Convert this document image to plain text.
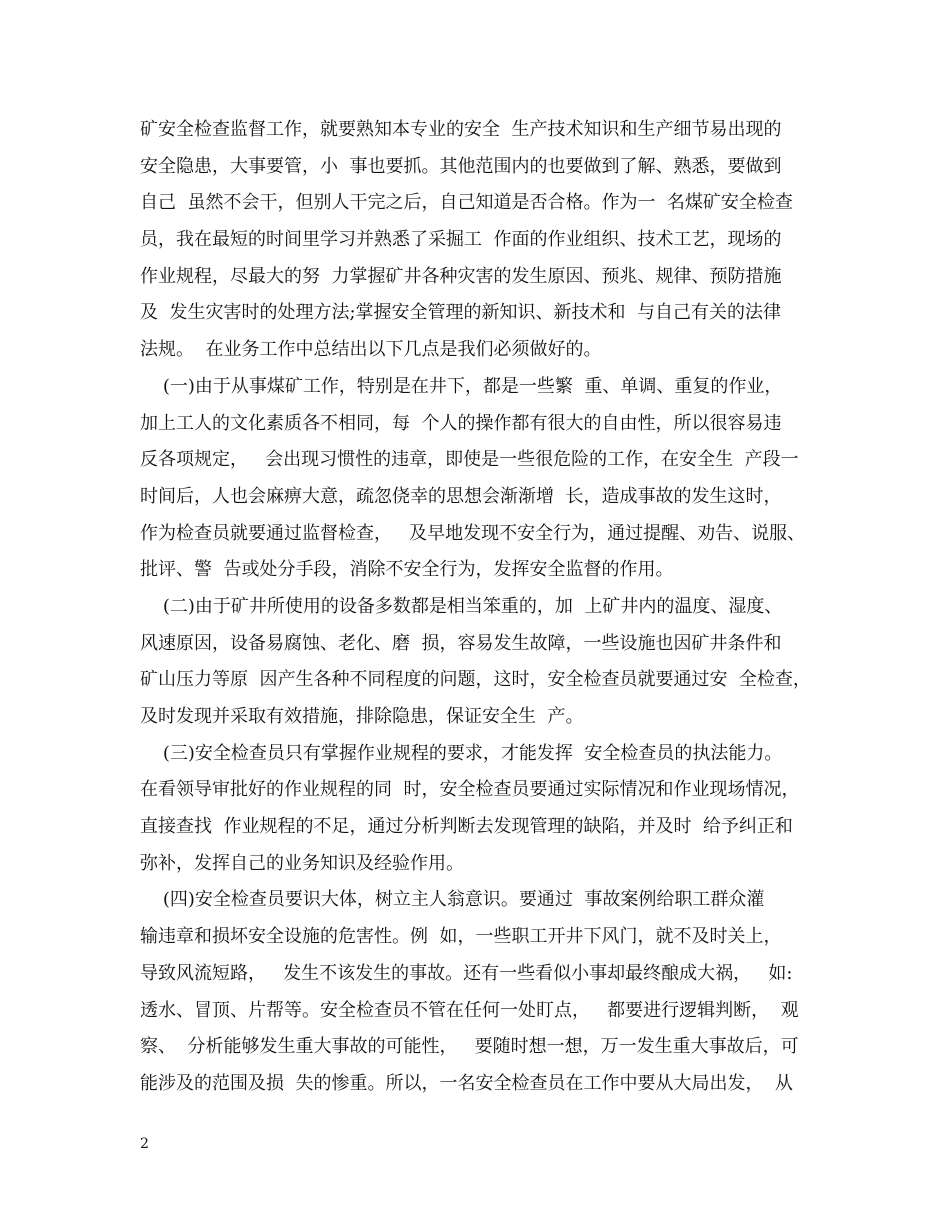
矿安全检查监督工作，就要熟知本专业的安全  生产技术知识和生产细节易出现的
安全隐患，大事要管，小  事也要抓。其他范围内的也要做到了解、熟悉，要做到
自己  虽然不会干，但别人干完之后，自己知道是否合格。作为一  名煤矿安全检查
员，我在最短的时间里学习并熟悉了采掘工  作面的作业组织、技术工艺，现场的
作业规程，尽最大的努  力掌握矿井各种灾害的发生原因、预兆、规律、预防措施
及  发生灾害时的处理方法;掌握安全管理的新知识、新技术和  与自己有关的法律
法规。  在业务工作中总结出以下几点是我们必须做好的。
(一)由于从事煤矿工作，特别是在井下，都是一些繁  重、单调、重复的作业，
加上工人的文化素质各不相同，每  个人的操作都有很大的自由性，所以很容易违
反各项规定，   会出现习惯性的违章，即使是一些很危险的工作，在安全生  产段一
时间后，人也会麻痹大意，疏忽侥幸的思想会渐渐增  长，造成事故的发生这时，
作为检查员就要通过监督检查，   及早地发现不安全行为，通过提醒、劝告、说服、
批评、警  告或处分手段，消除不安全行为，发挥安全监督的作用。
(二)由于矿井所使用的设备多数都是相当笨重的，加  上矿井内的温度、湿度、
风速原因，设备易腐蚀、老化、磨  损，容易发生故障，一些设施也因矿井条件和
矿山压力等原  因产生各种不同程度的问题，这时，安全检查员就要通过安  全检查，
及时发现并采取有效措施，排除隐患，保证安全生  产。
(三)安全检查员只有掌握作业规程的要求，才能发挥  安全检查员的执法能力。
在看领导审批好的作业规程的同  时，安全检查员要通过实际情况和作业现场情况，
直接查找  作业规程的不足，通过分析判断去发现管理的缺陷，并及时  给予纠正和
弥补，发挥自己的业务知识及经验作用。
(四)安全检查员要识大体，树立主人翁意识。要通过  事故案例给职工群众灌
输违章和损坏安全设施的危害性。例  如，一些职工开井下风门，就不及时关上，
导致风流短路，   发生不该发生的事故。还有一些看似小事却最终酿成大祸，   如:
透水、冒顶、片帮等。安全检查员不管在任何一处盯点，   都要进行逻辑判断，  观
察、  分析能够发生重大事故的可能性，   要随时想一想，万一发生重大事故后，可
能涉及的范围及损  失的惨重。所以，一名安全检查员在工作中要从大局出发，  从
2
